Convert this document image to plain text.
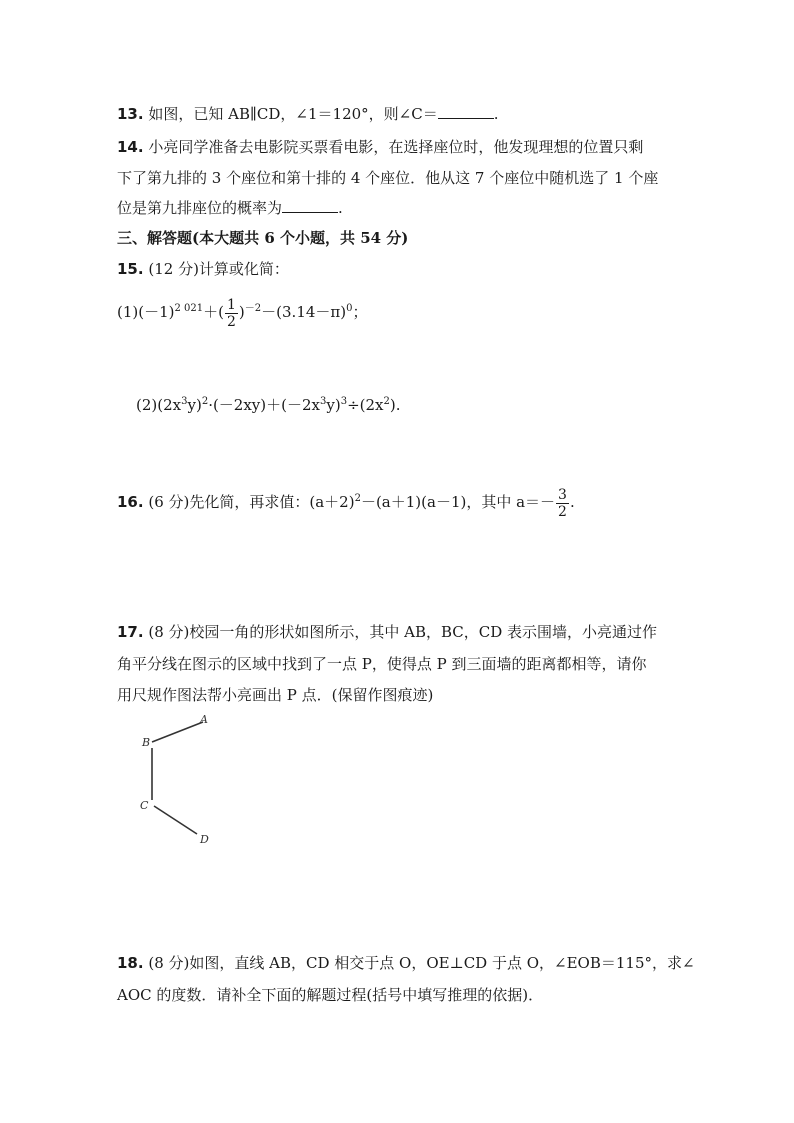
13. 如图，已知 AB∥CD，∠1＝120°，则∠C＝	.
14. 小亮同学准备去电影院买票看电影，在选择座位时，他发现理想的位置只剩
下了第九排的 3 个座位和第十排的 4 个座位．他从这 7 个座位中随机选了 1 个座
位是第九排座位的概率为	.
三、解答题(本大题共 6 个小题，共 54 分)
15. (12 分)计算或化简：
$(1)(-1)^{2 021}+( \frac{1}{2} )^{-2}-(3.14-\pi)^0$；
$(2)(2x^3y)^2\cdot(-2xy)+(-2x^3y)^3\div(2x^2)$.
16. (6 分)先化简，再求值：$(a+2)^2-(a+1)(a-1)$，其中 $a=- \frac{3}{2}$ .
17. (8 分)校园一角的形状如图所示，其中 AB，BC，CD 表示围墙，小亮通过作
角平分线在图示的区域中找到了一点 P，使得点 P 到三面墙的距离都相等，请你
用尺规作图法帮小亮画出 P 点．(保留作图痕迹)
A
B
C
D
18. (8 分)如图，直线 AB，CD 相交于点 O，OE⊥CD 于点 O，∠EOB＝115°，求∠
AOC 的度数．请补全下面的解题过程(括号中填写推理的依据)．
